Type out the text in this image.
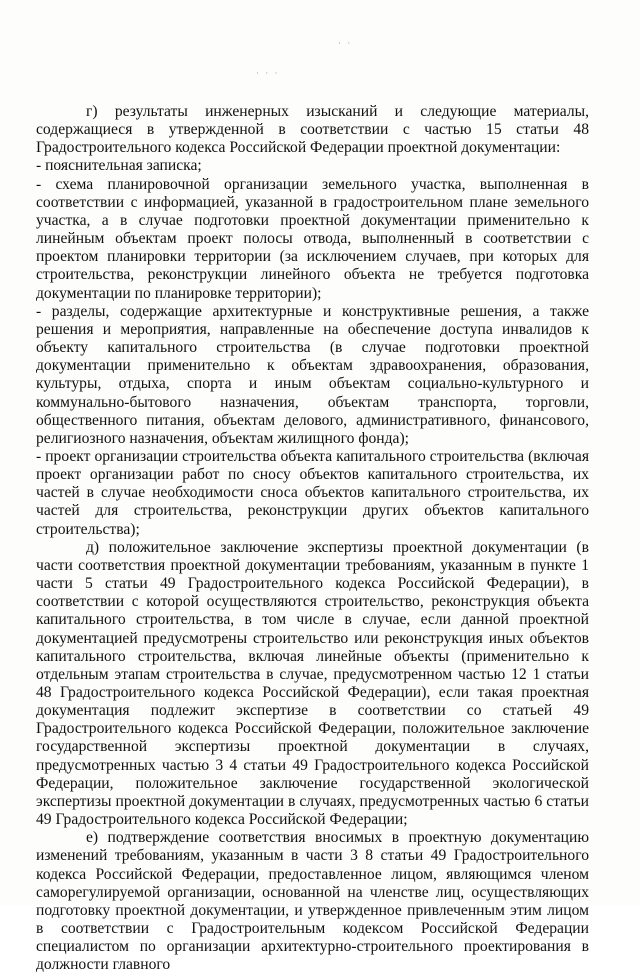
· · ·
· ·

г) результаты инженерных изысканий и следующие материалы, содержащиеся в утвержденной в соответствии с частью 15 статьи 48 Градостроительного кодекса Российской Федерации проектной документации:

- пояснительная записка;

- схема планировочной организации земельного участка, выполненная в соответствии с информацией, указанной в градостроительном плане земельного участка, а в случае подготовки проектной документации применительно к линейным объектам проект полосы отвода, выполненный в соответствии с проектом планировки территории (за исключением случаев, при которых для строительства, реконструкции линейного объекта не требуется подготовка документации по планировке территории);

- разделы, содержащие архитектурные и конструктивные решения, а также решения и мероприятия, направленные на обеспечение доступа инвалидов к объекту капитального строительства (в случае подготовки проектной документации применительно к объектам здравоохранения, образования, культуры, отдыха, спорта и иным объектам социально-культурного и коммунально-бытового назначения, объектам транспорта, торговли, общественного питания, объектам делового, административного, финансового, религиозного назначения, объектам жилищного фонда);

- проект организации строительства объекта капитального строительства (включая проект организации работ по сносу объектов капитального строительства, их частей в случае необходимости сноса объектов капитального строительства, их частей для строительства, реконструкции других объектов капитального строительства);

д) положительное заключение экспертизы проектной документации (в части соответствия проектной документации требованиям, указанным в пункте 1 части 5 статьи 49 Градостроительного кодекса Российской Федерации), в соответствии с которой осуществляются строительство, реконструкция объекта капитального строительства, в том числе в случае, если данной проектной документацией предусмотрены строительство или реконструкция иных объектов капитального строительства, включая линейные объекты (применительно к отдельным этапам строительства в случае, предусмотренном частью 12 1 статьи 48 Градостроительного кодекса Российской Федерации), если такая проектная документация подлежит экспертизе в соответствии со статьей 49 Градостроительного кодекса Российской Федерации, положительное заключение государственной экспертизы проектной документации в случаях, предусмотренных частью 3 4 статьи 49 Градостроительного кодекса Российской Федерации, положительное заключение государственной экологической экспертизы проектной документации в случаях, предусмотренных частью 6 статьи 49 Градостроительного кодекса Российской Федерации;

е) подтверждение соответствия вносимых в проектную документацию изменений требованиям, указанным в части 3 8 статьи 49 Градостроительного кодекса Российской Федерации, предоставленное лицом, являющимся членом саморегулируемой организации, основанной на членстве лиц, осуществляющих подготовку проектной документации, и утвержденное привлеченным этим лицом в соответствии с Градостроительным кодексом Российской Федерации специалистом по организации архитектурно-строительного проектирования в должности главного
